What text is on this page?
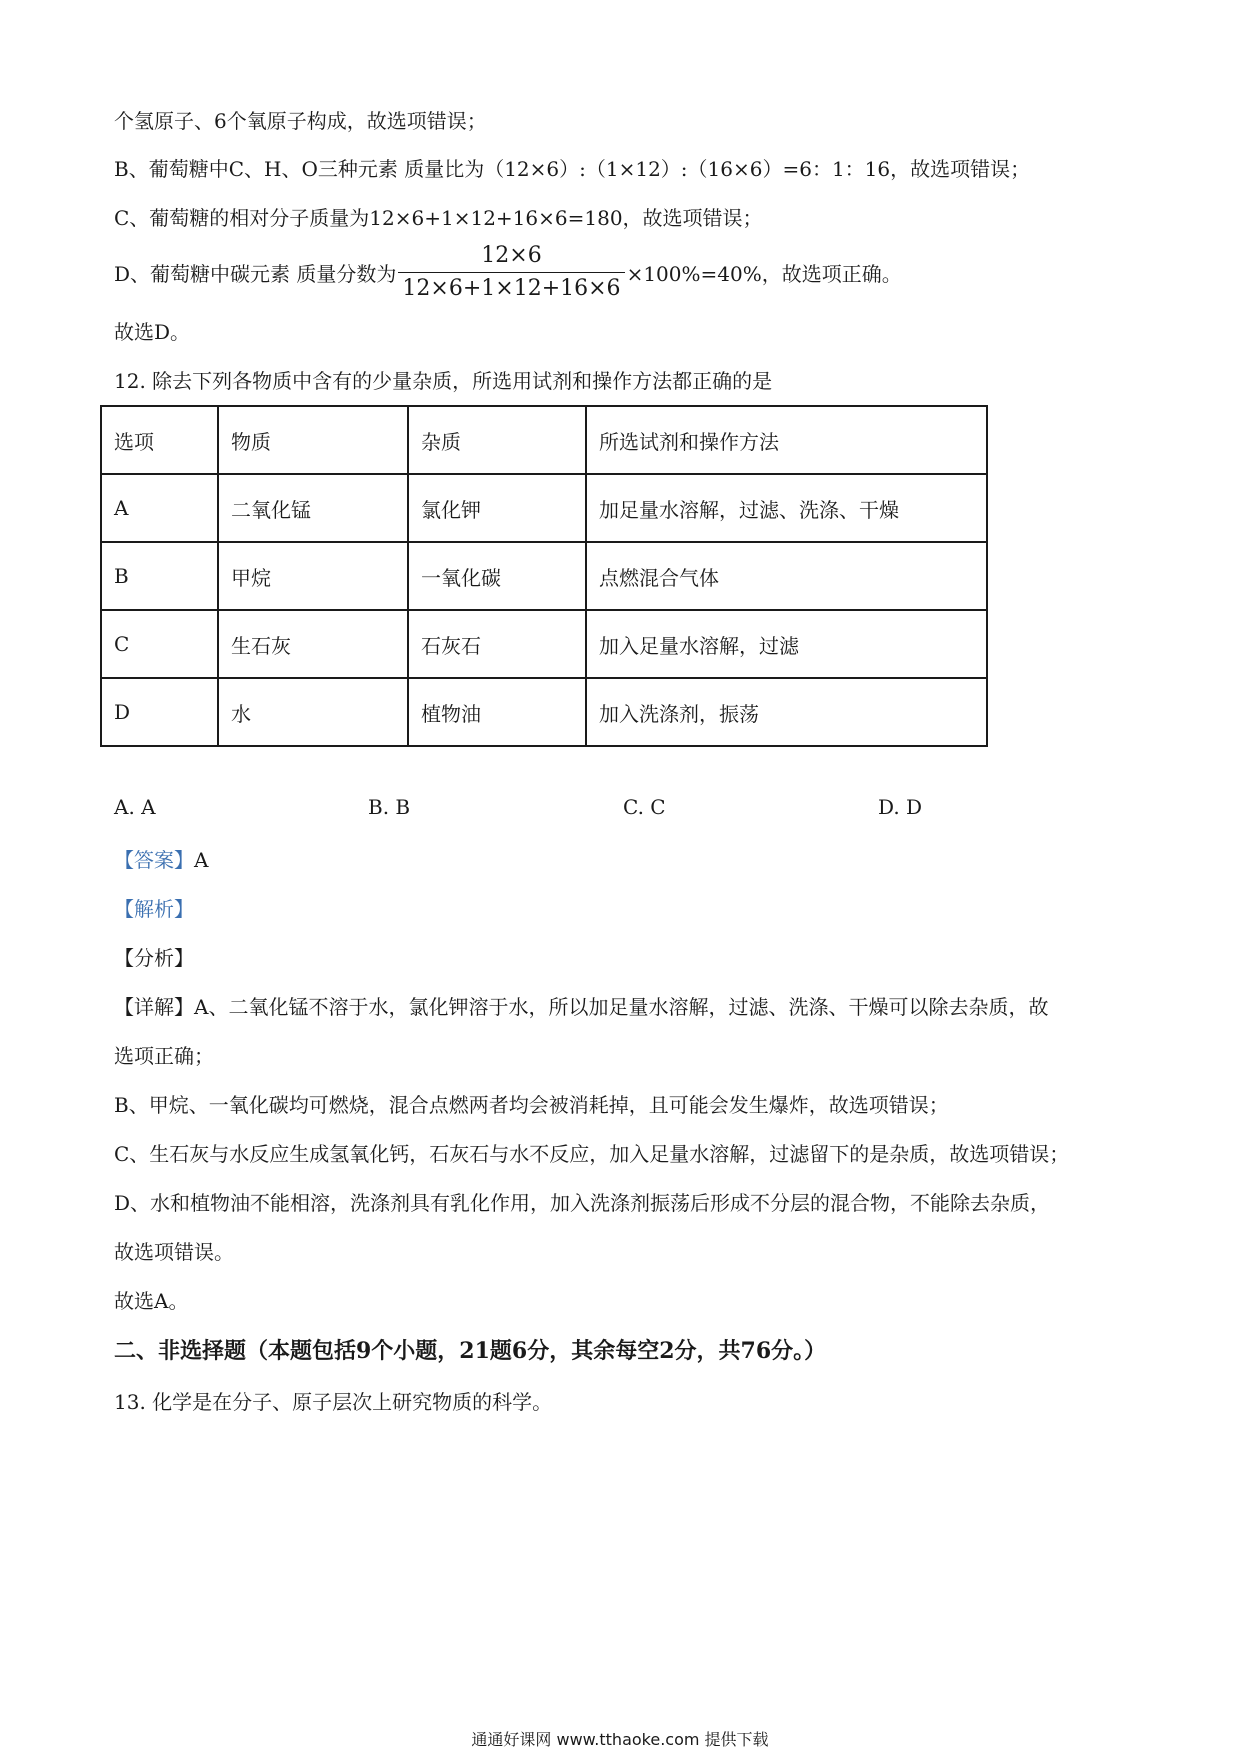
个氢原子、6个氧原子构成，故选项错误；
B、葡萄糖中C、H、O三种元素 质量比为（12×6）:（1×12）:（16×6）=6：1：16，故选项错误；
C、葡萄糖的相对分子质量为12×6+1×12+16×6=180，故选项错误；
D、葡萄糖中碳元素 质量分数为 $\frac{12\times 6}{12\times 6+1\times 12+16\times 6} \times 100\%=40\%$，故选项正确。
故选D。
12. 除去下列各物质中含有的少量杂质，所选用试剂和操作方法都正确的是
选项	物质	杂质	所选试剂和操作方法
A	二氧化锰	氯化钾	加足量水溶解，过滤、洗涤、干燥
B	甲烷	一氧化碳	点燃混合气体
C	生石灰	石灰石	加入足量水溶解，过滤
D	水	植物油	加入洗涤剂，振荡
A. A	B. B	C. C	D. D
【答案】A
【解析】
【分析】
【详解】A、二氧化锰不溶于水，氯化钾溶于水，所以加足量水溶解，过滤、洗涤、干燥可以除去杂质，故
选项正确；
B、甲烷、一氧化碳均可燃烧，混合点燃两者均会被消耗掉，且可能会发生爆炸，故选项错误；
C、生石灰与水反应生成氢氧化钙，石灰石与水不反应，加入足量水溶解，过滤留下的是杂质，故选项错误；
D、水和植物油不能相溶，洗涤剂具有乳化作用，加入洗涤剂振荡后形成不分层的混合物，不能除去杂质，
故选项错误。
故选A。
二、非选择题（本题包括9个小题，21题6分，其余每空2分，共76分。）
13. 化学是在分子、原子层次上研究物质的科学。
通通好课网 www.tthaoke.com 提供下载
